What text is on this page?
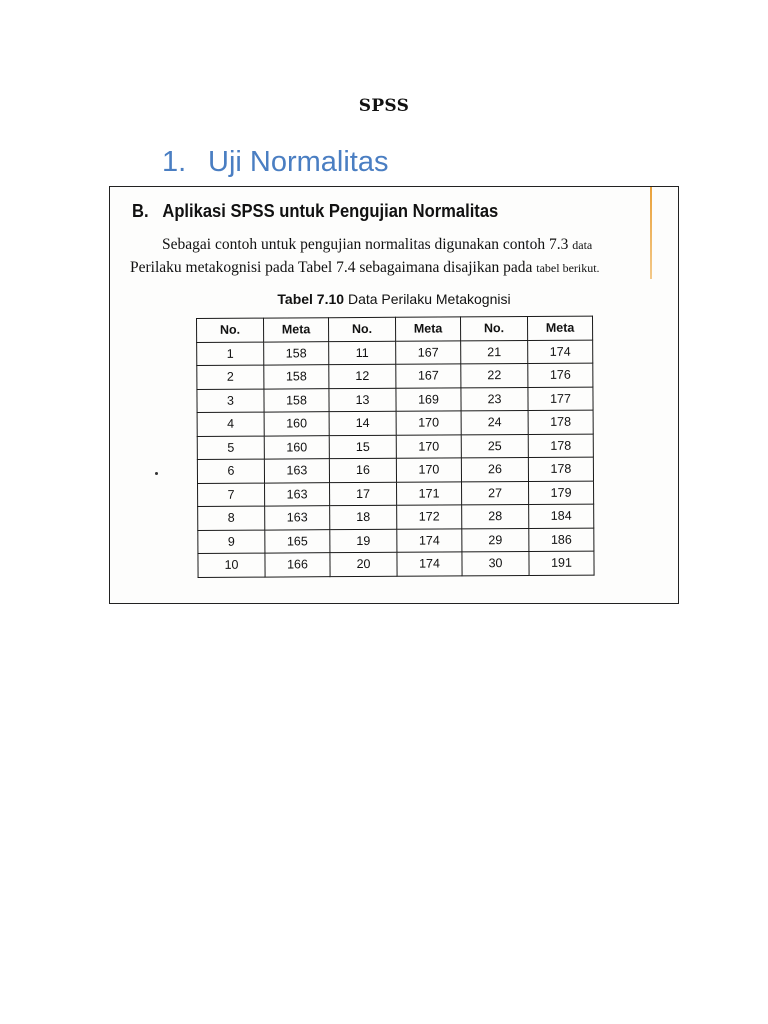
SPSS
1. Uji Normalitas
B. Aplikasi SPSS untuk Pengujian Normalitas
Sebagai contoh untuk pengujian normalitas digunakan contoh 7.3 data
Perilaku metakognisi pada Tabel 7.4 sebagaimana disajikan pada tabel berikut.
Tabel 7.10 Data Perilaku Metakognisi
No.	Meta	No.	Meta	No.	Meta
1	158	11	167	21	174
2	158	12	167	22	176
3	158	13	169	23	177
4	160	14	170	24	178
5	160	15	170	25	178
6	163	16	170	26	178
7	163	17	171	27	179
8	163	18	172	28	184
9	165	19	174	29	186
10	166	20	174	30	191
